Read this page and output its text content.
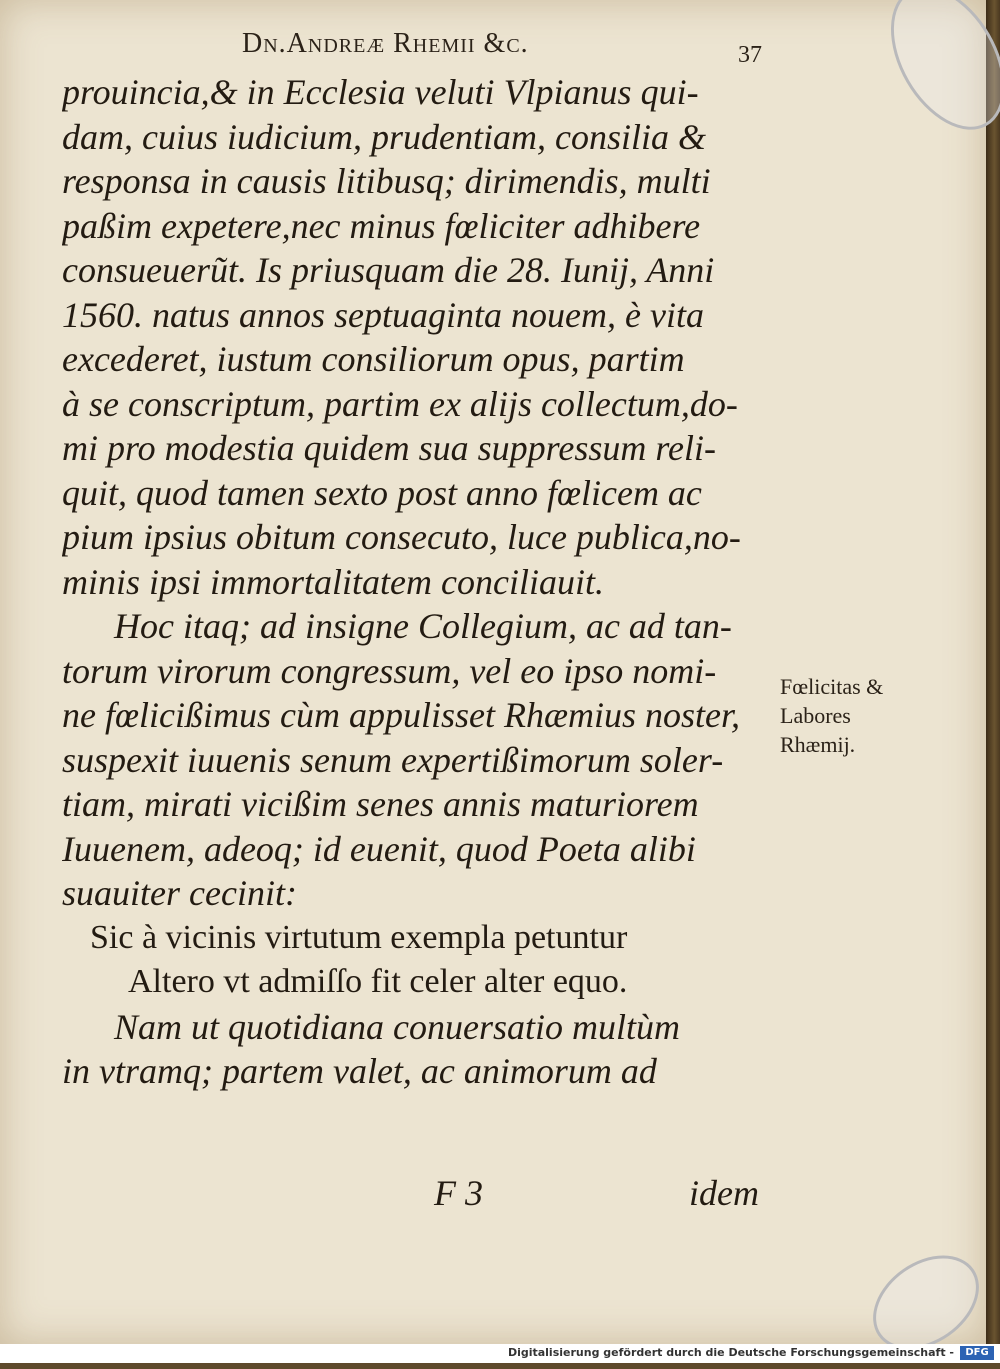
Dn.Andreæ Rhemii &c.	37
prouincia,& in Ecclesia veluti Vlpianus qui-
dam, cuius iudicium, prudentiam, consilia &
responsa in causis litibusq; dirimendis, multi
paßim expetere,nec minus fœliciter adhibere
consueuerũt. Is priusquam die 28. Iunij, Anni
1560. natus annos septuaginta nouem, è vita
excederet, iustum consiliorum opus, partim
à se conscriptum, partim ex alijs collectum,do-
mi pro modestia quidem sua suppressum reli-
quit, quod tamen sexto post anno fœlicem ac
pium ipsius obitum consecuto, luce publica,no-
minis ipsi immortalitatem conciliauit.
Hoc itaq; ad insigne Collegium, ac ad tan-
torum virorum congressum, vel eo ipso nomi-
ne fœlicißimus cùm appulisset Rhæmius noster,
suspexit iuuenis senum expertißimorum soler-
tiam, mirati vicißim senes annis maturiorem
Iuuenem, adeoq; id euenit, quod Poeta alibi
suauiter cecinit:
Sic à vicinis virtutum exempla petuntur
Altero vt admiſſo fit celer alter equo.
Nam ut quotidiana conuersatio multùm
in vtramq; partem valet, ac animorum ad
Fœlicitas &
Labores
Rhæmij.
F 3	idem
Digitalisierung gefördert durch die Deutsche Forschungsgemeinschaft -	DFG
